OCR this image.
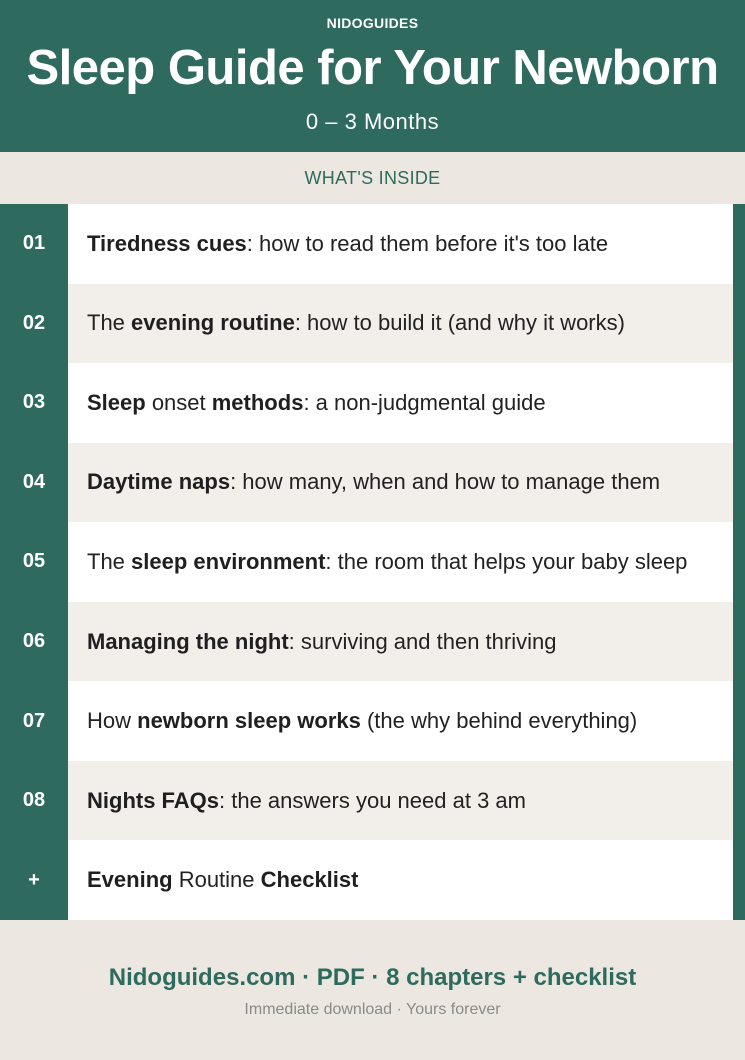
NIDOGUIDES
Sleep Guide for Your Newborn
0 – 3 Months
WHAT'S INSIDE
01	Tiredness cues: how to read them before it's too late
02	The evening routine: how to build it (and why it works)
03	Sleep onset methods: a non-judgmental guide
04	Daytime naps: how many, when and how to manage them
05	The sleep environment: the room that helps your baby sleep
06	Managing the night: surviving and then thriving
07	How newborn sleep works (the why behind everything)
08	Nights FAQs: the answers you need at 3 am
+	Evening Routine Checklist
Nidoguides.com · PDF · 8 chapters + checklist
Immediate download · Yours forever
